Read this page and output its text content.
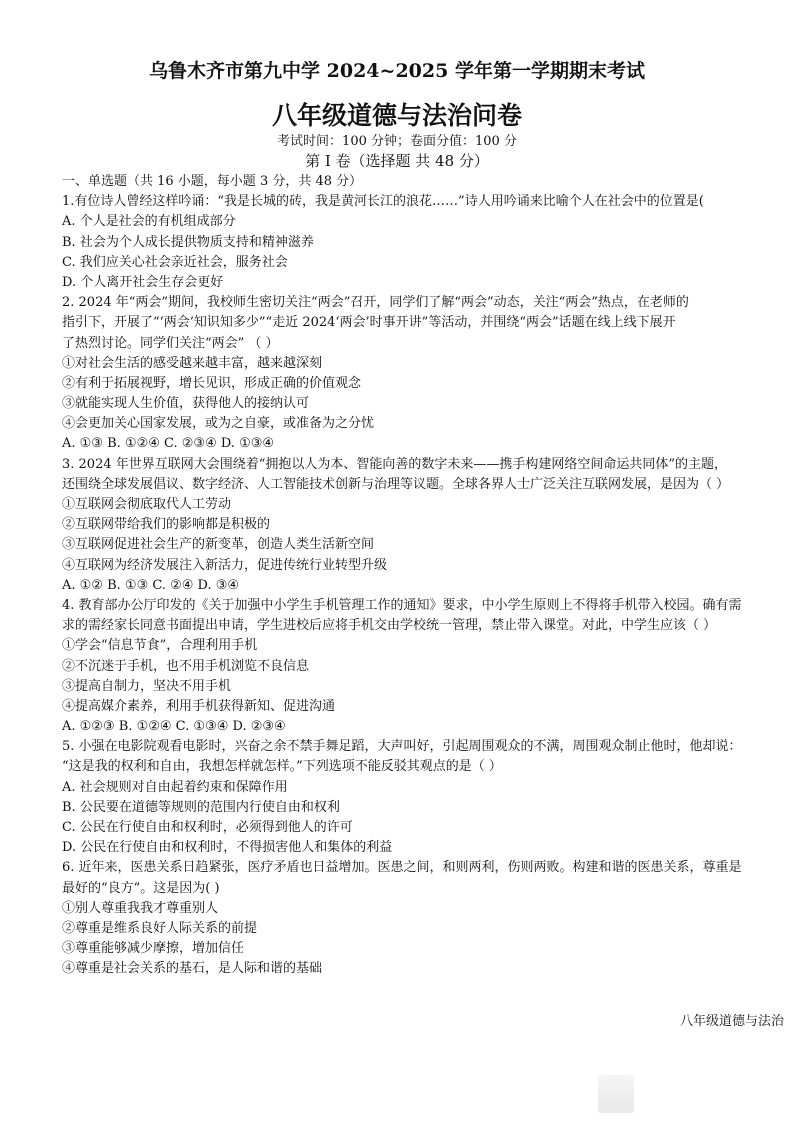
乌鲁木齐市第九中学 2024~2025 学年第一学期期末考试
八年级道德与法治问卷
考试时间：100 分钟；卷面分值：100 分
第 I 卷（选择题 共 48 分）
一、单选题（共 16 小题，每小题 3 分，共 48 分）
1.有位诗人曾经这样吟诵：“我是长城的砖，我是黄河长江的浪花……”诗人用吟诵来比喻个人在社会中的位置是(
A. 个人是社会的有机组成部分
B. 社会为个人成长提供物质支持和精神滋养
C. 我们应关心社会亲近社会，服务社会
D. 个人离开社会生存会更好
2. 2024 年“两会”期间，我校师生密切关注“两会”召开，同学们了解“两会”动态，关注“两会”热点，在老师的
指引下，开展了“‘两会’知识知多少”“走近 2024‘两会’时事开讲”等活动，并围绕“两会”话题在线上线下展开
了热烈讨论。同学们关注“两会” （ ）
①对社会生活的感受越来越丰富，越来越深刻
②有利于拓展视野，增长见识，形成正确的价值观念
③就能实现人生价值，获得他人的接纳认可
④会更加关心国家发展，或为之自豪，或准备为之分忧
A. ①③ B. ①②④ C. ②③④ D. ①③④
3. 2024 年世界互联网大会围绕着“拥抱以人为本、智能向善的数字未来——携手构建网络空间命运共同体”的主题，
还围绕全球发展倡议、数字经济、人工智能技术创新与治理等议题。全球各界人士广泛关注互联网发展，是因为（ ）
①互联网会彻底取代人工劳动
②互联网带给我们的影响都是积极的
③互联网促进社会生产的新变革，创造人类生活新空间
④互联网为经济发展注入新活力，促进传统行业转型升级
A. ①② B. ①③ C. ②④ D. ③④
4. 教育部办公厅印发的《关于加强中小学生手机管理工作的通知》要求，中小学生原则上不得将手机带入校园。确有需
求的需经家长同意书面提出申请，学生进校后应将手机交由学校统一管理，禁止带入课堂。对此，中学生应该（ ）
①学会“信息节食”，合理利用手机
②不沉迷于手机，也不用手机浏览不良信息
③提高自制力，坚决不用手机
④提高媒介素养，利用手机获得新知、促进沟通
A. ①②③ B. ①②④ C. ①③④ D. ②③④
5. 小强在电影院观看电影时，兴奋之余不禁手舞足蹈，大声叫好，引起周围观众的不满，周围观众制止他时，他却说：
“这是我的权利和自由，我想怎样就怎样。”下列选项不能反驳其观点的是（ ）
A. 社会规则对自由起着约束和保障作用
B. 公民要在道德等规则的范围内行使自由和权利
C. 公民在行使自由和权利时，必须得到他人的许可
D. 公民在行使自由和权利时，不得损害他人和集体的利益
6. 近年来，医患关系日趋紧张，医疗矛盾也日益增加。医患之间，和则两利，伤则两败。构建和谐的医患关系，尊重是
最好的“良方”。这是因为( )
①别人尊重我我才尊重别人
②尊重是维系良好人际关系的前提
③尊重能够减少摩擦，增加信任
④尊重是社会关系的基石，是人际和谐的基础
八年级道德与法治
